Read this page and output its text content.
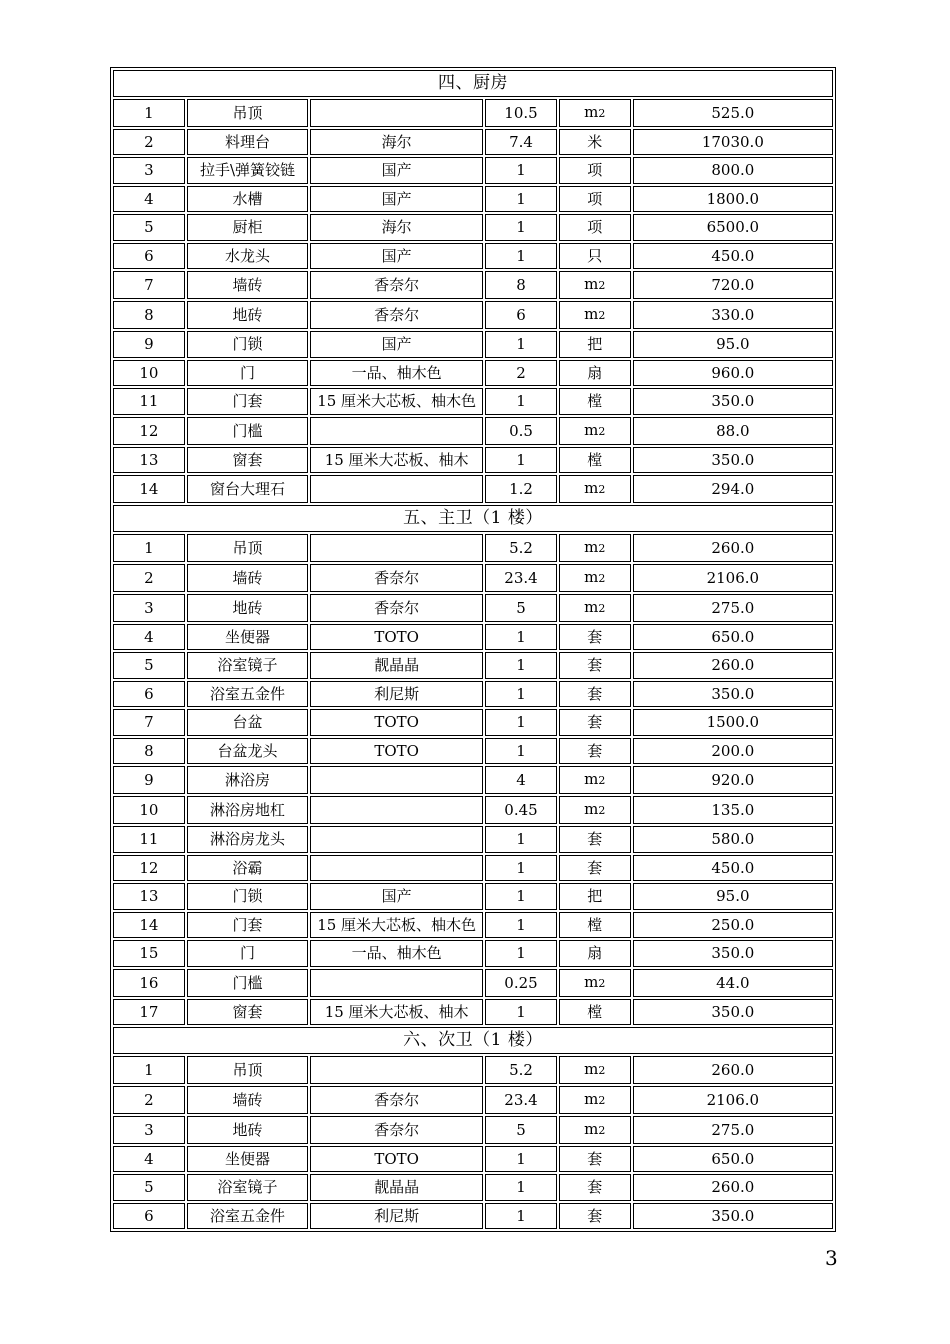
四、厨房					
1	吊顶		10.5	m2	525.0
2	料理台	海尔	7.4	米	17030.0
3	拉手\弹簧铰链	国产	1	项	800.0
4	水槽	国产	1	项	1800.0
5	厨柜	海尔	1	项	6500.0
6	水龙头	国产	1	只	450.0
7	墙砖	香奈尔	8	m2	720.0
8	地砖	香奈尔	6	m2	330.0
9	门锁	国产	1	把	95.0
10	门	一品、柚木色	2	扇	960.0
11	门套	15 厘米大芯板、柚木色	1	樘	350.0
12	门槛		0.5	m2	88.0
13	窗套	15 厘米大芯板、柚木	1	樘	350.0
14	窗台大理石		1.2	m2	294.0
五、主卫（1 楼）					
1	吊顶		5.2	m2	260.0
2	墙砖	香奈尔	23.4	m2	2106.0
3	地砖	香奈尔	5	m2	275.0
4	坐便器	TOTO	1	套	650.0
5	浴室镜子	靓晶晶	1	套	260.0
6	浴室五金件	利尼斯	1	套	350.0
7	台盆	TOTO	1	套	1500.0
8	台盆龙头	TOTO	1	套	200.0
9	淋浴房		4	m2	920.0
10	淋浴房地杠		0.45	m2	135.0
11	淋浴房龙头		1	套	580.0
12	浴霸		1	套	450.0
13	门锁	国产	1	把	95.0
14	门套	15 厘米大芯板、柚木色	1	樘	250.0
15	门	一品、柚木色	1	扇	350.0
16	门槛		0.25	m2	44.0
17	窗套	15 厘米大芯板、柚木	1	樘	350.0
六、次卫（1 楼）					
1	吊顶		5.2	m2	260.0
2	墙砖	香奈尔	23.4	m2	2106.0
3	地砖	香奈尔	5	m2	275.0
4	坐便器	TOTO	1	套	650.0
5	浴室镜子	靓晶晶	1	套	260.0
6	浴室五金件	利尼斯	1	套	350.0
3
